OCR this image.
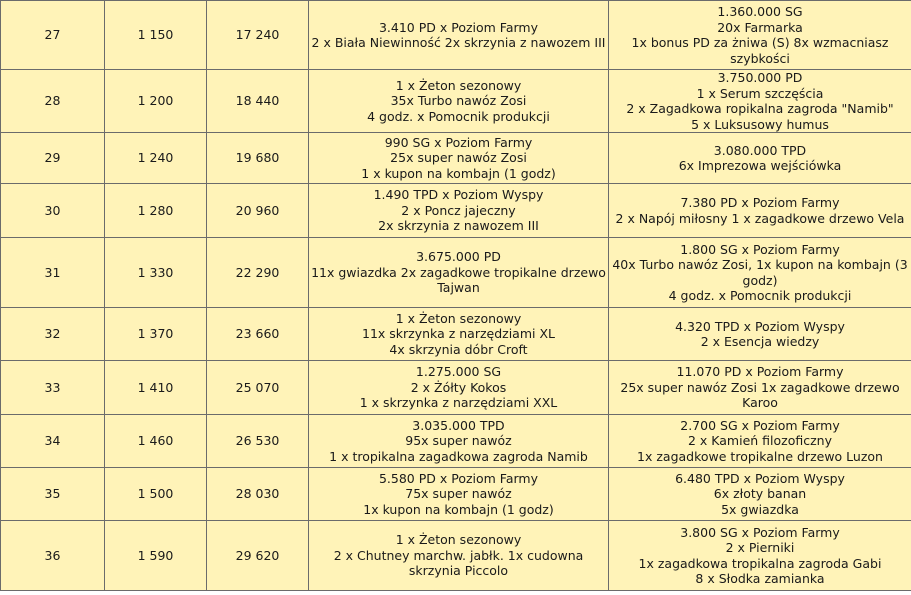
27	1 150	17 240	3.410 PD x Poziom Farmy
2 x Biała Niewinność 2x skrzynia z nawozem III	1.360.000 SG
20x Farmarka
1x bonus PD za żniwa (S) 8x wzmacniasz szybkości

28	1 200	18 440	1 x Żeton sezonowy
35x Turbo nawóz Zosi
4 godz. x Pomocnik produkcji	3.750.000 PD
1 x Serum szczęścia
2 x Zagadkowa ropikalna zagroda "Namib"
5 x Luksusowy humus

29	1 240	19 680	990 SG x Poziom Farmy
25x super nawóz Zosi
1 x kupon na kombajn (1 godz)	3.080.000 TPD
6x Imprezowa wejściówka

30	1 280	20 960	1.490 TPD x Poziom Wyspy
2 x Poncz jajeczny
2x skrzynia z nawozem III	7.380 PD x Poziom Farmy
2 x Napój miłosny 1 x zagadkowe drzewo Vela

31	1 330	22 290	3.675.000 PD
11x gwiazdka 2x zagadkowe tropikalne drzewo Tajwan	1.800 SG x Poziom Farmy
40x Turbo nawóz Zosi, 1x kupon na kombajn (3 godz)
4 godz. x Pomocnik produkcji

32	1 370	23 660	1 x Żeton sezonowy
11x skrzynka z narzędziami XL
4x skrzynia dóbr Croft	4.320 TPD x Poziom Wyspy
2 x Esencja wiedzy

33	1 410	25 070	1.275.000 SG
2 x Żółty Kokos
1 x skrzynka z narzędziami XXL	11.070 PD x Poziom Farmy
25x super nawóz Zosi 1x zagadkowe drzewo Karoo

34	1 460	26 530	3.035.000 TPD
95x super nawóz
1 x tropikalna zagadkowa zagroda Namib	2.700 SG x Poziom Farmy
2 x Kamień filozoficzny
1x zagadkowe tropikalne drzewo Luzon

35	1 500	28 030	5.580 PD x Poziom Farmy
75x super nawóz
1x kupon na kombajn (1 godz)	6.480 TPD x Poziom Wyspy
6x złoty banan
5x gwiazdka

36	1 590	29 620	1 x Żeton sezonowy
2 x Chutney marchw. jabłk. 1x cudowna skrzynia Piccolo	3.800 SG x Poziom Farmy
2 x Pierniki
1x zagadkowa tropikalna zagroda Gabi
8 x Słodka zamianka
